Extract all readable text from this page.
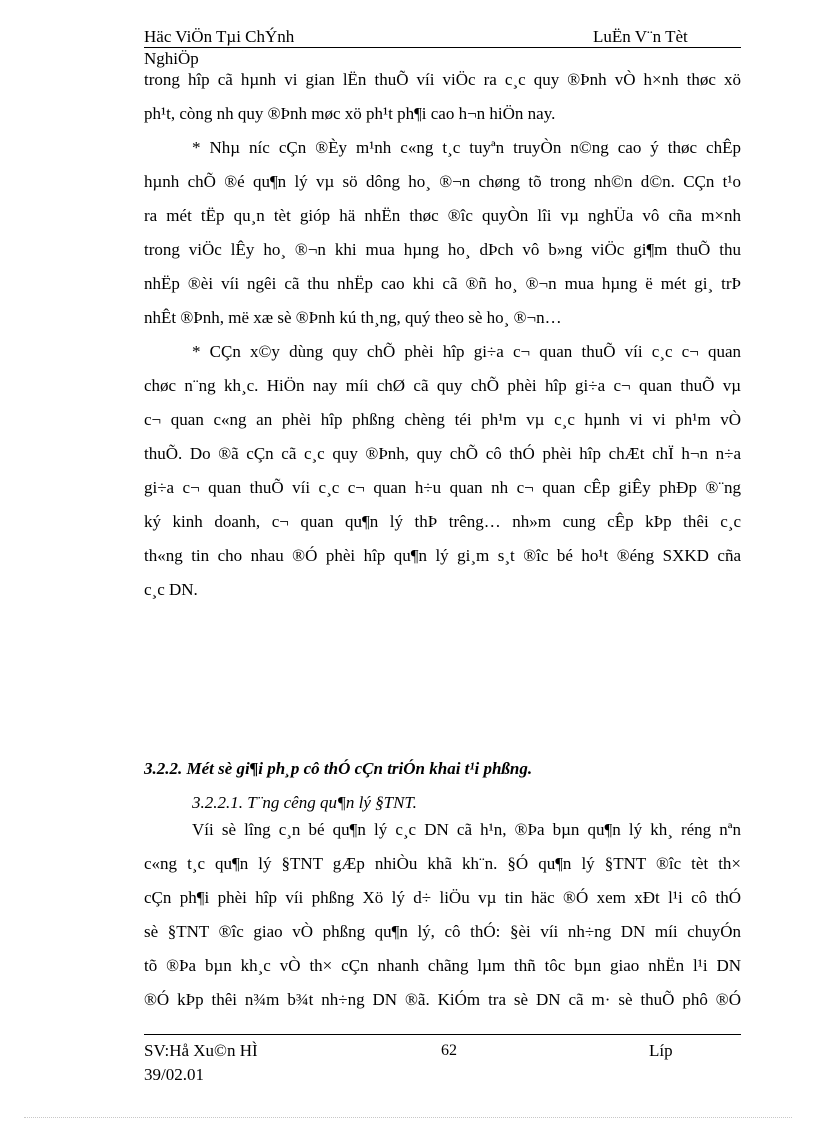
Häc ViÖn Tµi ChÝnh
NghiÖp
LuËn V¨n Tèt
trong hîp cã hµnh vi gian lËn thuÕ víi viÖc ra c¸c quy ®Þnh vÒ h×nh thøc xö
ph¹t, còng nh quy ®Þnh møc xö ph¹t ph¶i cao h¬n hiÖn nay.
* Nhµ níc cÇn ®Èy m¹nh c«ng t¸c tuyªn truyÒn n©ng cao ý thøc chÊp
hµnh chÕ ®é qu¶n lý vµ sö dông ho¸ ®¬n chøng tõ trong nh©n d©n. CÇn t¹o
ra mét tËp qu¸n tèt gióp hä nhËn thøc ®îc quyÒn lîi vµ nghÜa vô cña m×nh
trong viÖc lÊy ho¸ ®¬n khi mua hµng ho¸ dÞch vô b»ng viÖc gi¶m thuÕ thu
nhËp ®èi víi ngêi cã thu nhËp cao khi cã ®ñ ho¸ ®¬n mua hµng ë mét gi¸ trÞ
nhÊt ®Þnh, më xæ sè ®Þnh kú th¸ng, quý theo sè ho¸ ®¬n…
* CÇn x©y dùng quy chÕ phèi hîp gi÷a c¬ quan thuÕ víi c¸c c¬ quan
chøc n¨ng kh¸c. HiÖn nay míi chØ cã quy chÕ phèi hîp gi÷a c¬ quan thuÕ vµ
c¬ quan c«ng an phèi hîp phßng chèng téi ph¹m vµ c¸c hµnh vi vi ph¹m vÒ
thuÕ. Do ®ã cÇn cã c¸c quy ®Þnh, quy chÕ cô thÓ phèi hîp chÆt chÏ h¬n n÷a
gi÷a c¬ quan thuÕ víi c¸c c¬ quan h÷u quan nh c¬ quan cÊp giÊy phÐp ®¨ng
ký kinh doanh, c¬ quan qu¶n lý thÞ trêng… nh»m cung cÊp kÞp thêi c¸c
th«ng tin cho nhau ®Ó phèi hîp qu¶n lý gi¸m s¸t ®îc bé ho¹t ®éng SXKD cña
c¸c DN.
3.2.2. Mét sè gi¶i ph¸p cô thÓ cÇn triÓn khai t¹i phßng.
3.2.2.1. T¨ng cêng qu¶n lý §TNT.
Víi sè lîng c¸n bé qu¶n lý c¸c DN cã h¹n, ®Þa bµn qu¶n lý kh¸ réng nªn
c«ng t¸c qu¶n lý §TNT gÆp nhiÒu khã kh¨n. §Ó qu¶n lý §TNT ®îc tèt th×
cÇn ph¶i phèi hîp víi phßng Xö lý d÷ liÖu vµ tin häc ®Ó xem xÐt l¹i cô thÓ
sè §TNT ®îc giao vÒ phßng qu¶n lý, cô thÓ: §èi víi nh÷ng DN míi chuyÓn
tõ ®Þa bµn kh¸c vÒ th× cÇn nhanh chãng lµm thñ tôc bµn giao nhËn l¹i DN
®Ó kÞp thêi n¾m b¾t nh÷ng DN ®ã. KiÓm tra sè DN cã m· sè thuÕ phô ®Ó
SV:Hå Xu©n HÌ
39/02.01
62	Líp
